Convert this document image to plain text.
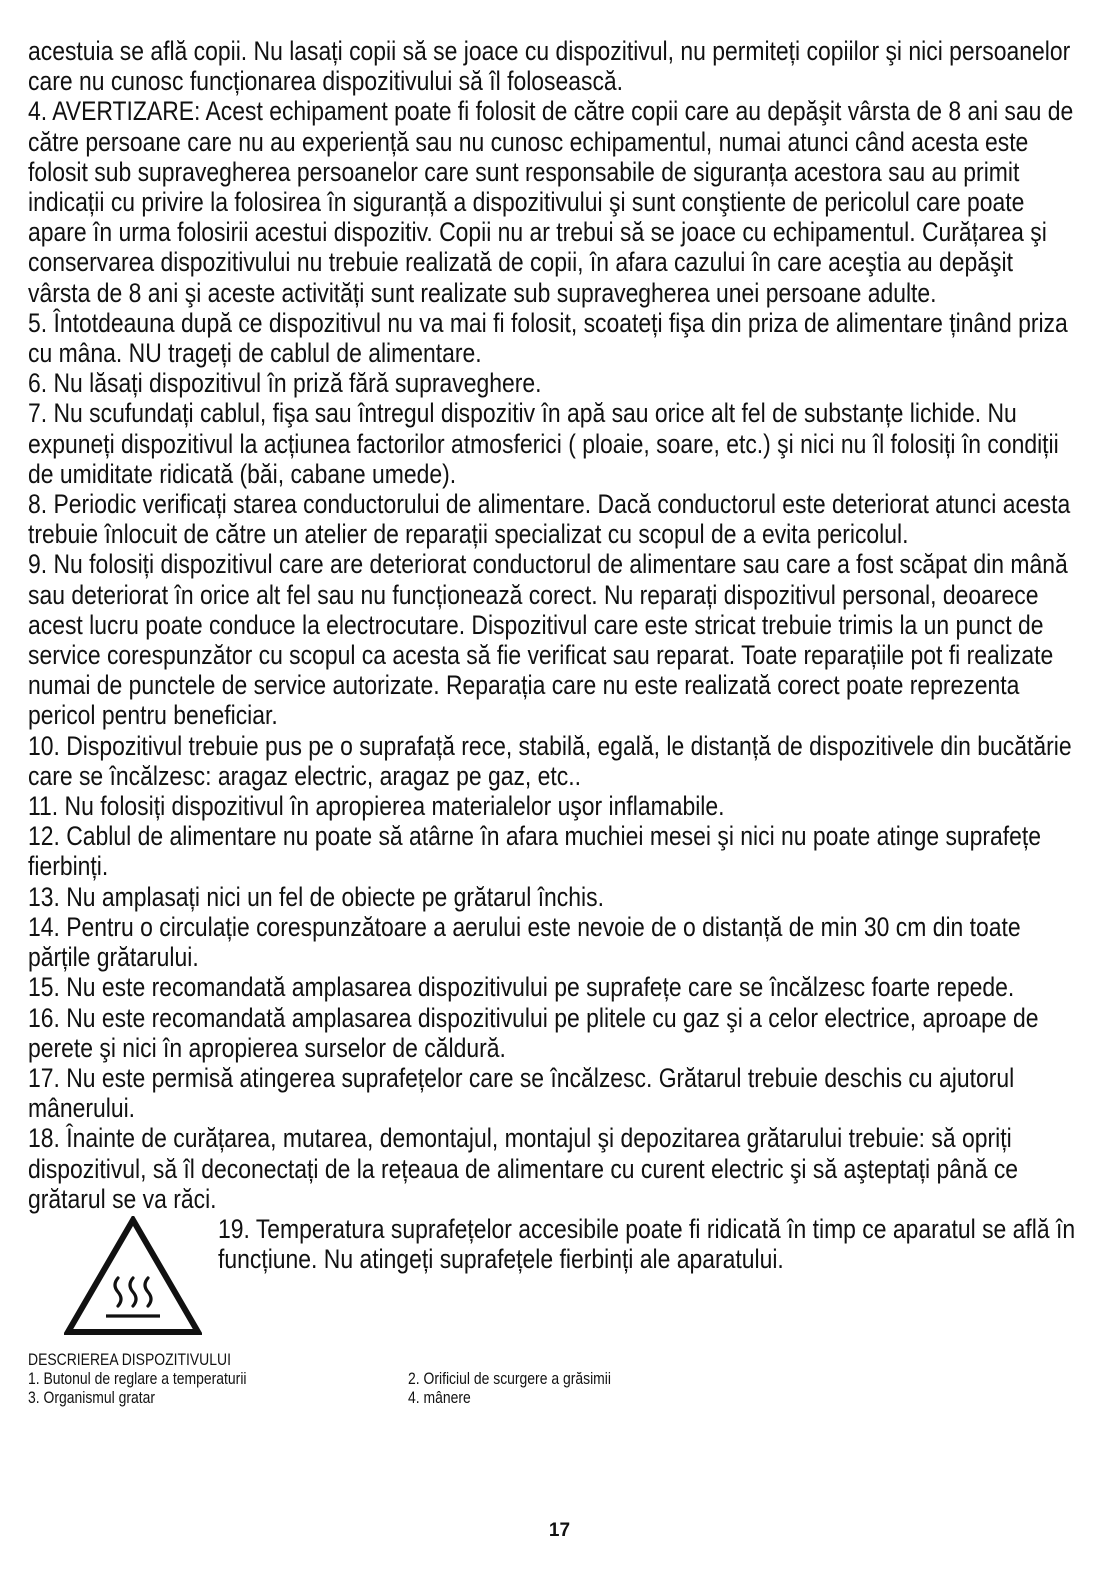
acestuia se află copii. Nu lasați copii să se joace cu dispozitivul, nu permiteți copiilor şi nici persoanelor care nu cunosc funcționarea dispozitivului să îl folosească.

4. AVERTIZARE: Acest echipament poate fi folosit de către copii care au depăşit vârsta de 8 ani sau de către persoane care nu au experiență sau nu cunosc echipamentul, numai atunci când acesta este folosit sub supravegherea persoanelor care sunt responsabile de siguranța acestora sau au primit indicații cu privire la folosirea în siguranță a dispozitivului şi sunt conştiente de pericolul care poate apare în urma folosirii acestui dispozitiv. Copii nu ar trebui să se joace cu echipamentul. Curățarea şi conservarea dispozitivului nu trebuie realizată de copii, în afara cazului în care aceştia au depăşit vârsta de 8 ani şi aceste activități sunt realizate sub supravegherea unei persoane adulte.

5. Întotdeauna după ce dispozitivul nu va mai fi folosit, scoateți fişa din priza de alimentare ținând priza cu mâna. NU trageți de cablul de alimentare.

6. Nu lăsați dispozitivul în priză fără supraveghere.

7. Nu scufundați cablul, fişa sau întregul dispozitiv în apă sau orice alt fel de substanțe lichide. Nu expuneți dispozitivul la acțiunea factorilor atmosferici ( ploaie, soare, etc.) şi nici nu îl folosiți în condiții de umiditate ridicată (băi, cabane umede).

8. Periodic verificați starea conductorului de alimentare. Dacă conductorul este deteriorat atunci acesta trebuie înlocuit de către un atelier de reparații specializat cu scopul de a evita pericolul.

9. Nu folosiți dispozitivul care are deteriorat conductorul de alimentare sau care a fost scăpat din mână sau deteriorat în orice alt fel sau nu funcționează corect. Nu reparați dispozitivul personal, deoarece acest lucru poate conduce la electrocutare. Dispozitivul care este stricat trebuie trimis la un punct de service corespunzător cu scopul ca acesta să fie verificat sau reparat. Toate reparațiile pot fi realizate numai de punctele de service autorizate. Reparația care nu este realizată corect poate reprezenta pericol pentru beneficiar.

10. Dispozitivul trebuie pus pe o suprafață rece, stabilă, egală, le distanță de dispozitivele din bucătărie care se încălzesc: aragaz electric, aragaz pe gaz, etc..

11. Nu folosiți dispozitivul în apropierea materialelor uşor inflamabile.

12. Cablul de alimentare nu poate să atârne în afara muchiei mesei şi nici nu poate atinge suprafețe fierbinți.

13. Nu amplasați nici un fel de obiecte pe grătarul închis.

14. Pentru o circulație corespunzătoare a aerului este nevoie de o distanță de min 30 cm din toate părțile grătarului.

15. Nu este recomandată amplasarea dispozitivului pe suprafețe care se încălzesc foarte repede.

16. Nu este recomandată amplasarea dispozitivului pe plitele cu gaz şi a celor electrice, aproape de perete şi nici în apropierea surselor de căldură.

17. Nu este permisă atingerea suprafețelor care se încălzesc. Grătarul trebuie deschis cu ajutorul mânerului.

18. Înainte de curățarea, mutarea, demontajul, montajul şi depozitarea grătarului trebuie: să opriți dispozitivul, să îl deconectați de la rețeaua de alimentare cu curent electric şi să aşteptați până ce grătarul se va răci.

19. Temperatura suprafețelor accesibile poate fi ridicată în timp ce aparatul se află în funcțiune. Nu atingeți suprafețele fierbinți ale aparatului.

DESCRIEREA DISPOZITIVULUI
1. Butonul de reglare a temperaturii	2. Orificiul de scurgere a grăsimii
3. Organismul gratar	4. mânere
17
